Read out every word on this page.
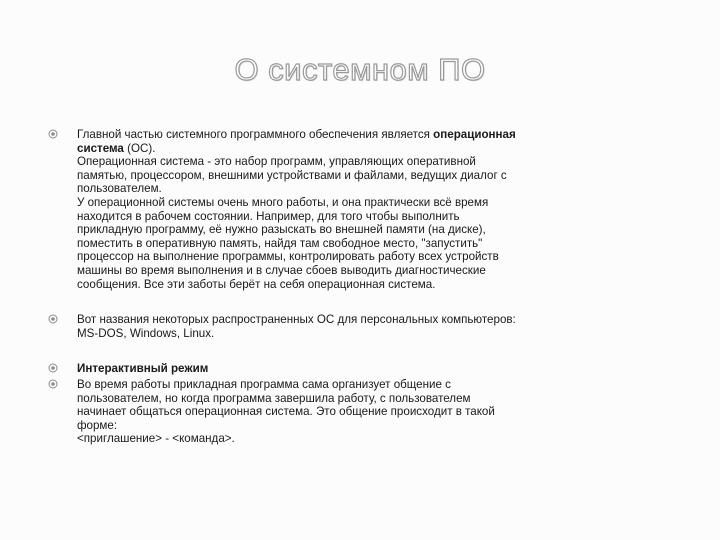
О системном ПО
Главной частью системного программного обеспечения является операционная
система (ОС).
Операционная система - это набор программ, управляющих оперативной
памятью, процессором, внешними устройствами и файлами, ведущих диалог с
пользователем.
У операционной системы очень много работы, и она практически всё время
находится в рабочем состоянии. Например, для того чтобы выполнить
прикладную программу, её нужно разыскать во внешней памяти (на диске),
поместить в оперативную память, найдя там свободное место, "запустить"
процессор на выполнение программы, контролировать работу всех устройств
машины во время выполнения и в случае сбоев выводить диагностические
сообщения. Все эти заботы берёт на себя операционная система.
Вот названия некоторых распространенных ОС для персональных компьютеров:
MS-DOS, Windows, Linux.
Интерактивный режим
Во время работы прикладная программа сама организует общение с
пользователем, но когда программа завершила работу, с пользователем
начинает общаться операционная система. Это общение происходит в такой
форме:
<приглашение> - <команда>.
